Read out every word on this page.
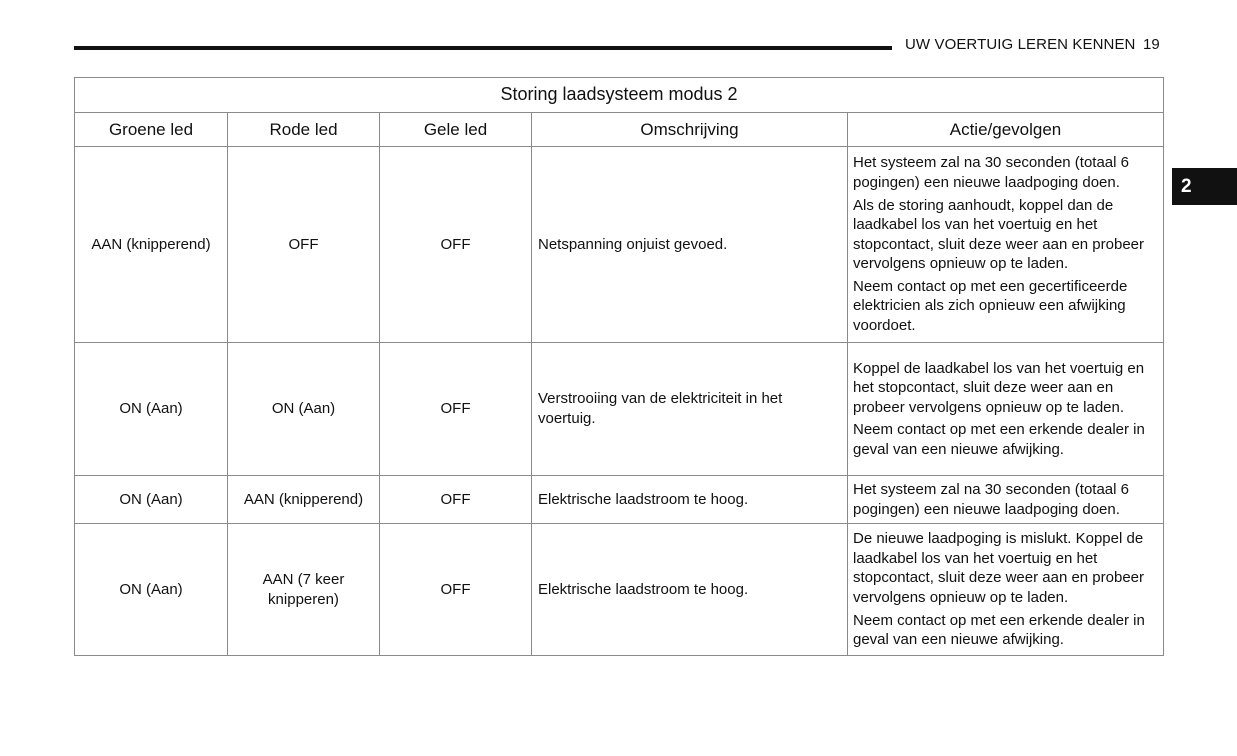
UW VOERTUIG LEREN KENNEN 19
2
Storing laadsysteem modus 2				
Groene led	Rode led	Gele led	Omschrijving	Actie/gevolgen
AAN (knipperend)	OFF	OFF	Netspanning onjuist gevoed.	Het systeem zal na 30 seconden (totaal 6 pogingen) een nieuwe laadpoging doen.

Als de storing aanhoudt, koppel dan de laadkabel los van het voertuig en het stopcontact, sluit deze weer aan en probeer vervolgens opnieuw op te laden.

Neem contact op met een gecertificeerde elektricien als zich opnieuw een afwijking voordoet.

ON (Aan)	ON (Aan)	OFF	Verstrooiing van de elektriciteit in het voertuig.	Koppel de laadkabel los van het voertuig en het stopcontact, sluit deze weer aan en probeer vervolgens opnieuw op te laden.

Neem contact op met een erkende dealer in geval van een nieuwe afwijking.

ON (Aan)	AAN (knipperend)	OFF	Elektrische laadstroom te hoog.	Het systeem zal na 30 seconden (totaal 6 pogingen) een nieuwe laadpoging doen.

ON (Aan)	AAN (7 keer knipperen)	OFF	Elektrische laadstroom te hoog.	De nieuwe laadpoging is mislukt. Koppel de laadkabel los van het voertuig en het stopcontact, sluit deze weer aan en probeer vervolgens opnieuw op te laden.

Neem contact op met een erkende dealer in geval van een nieuwe afwijking.
